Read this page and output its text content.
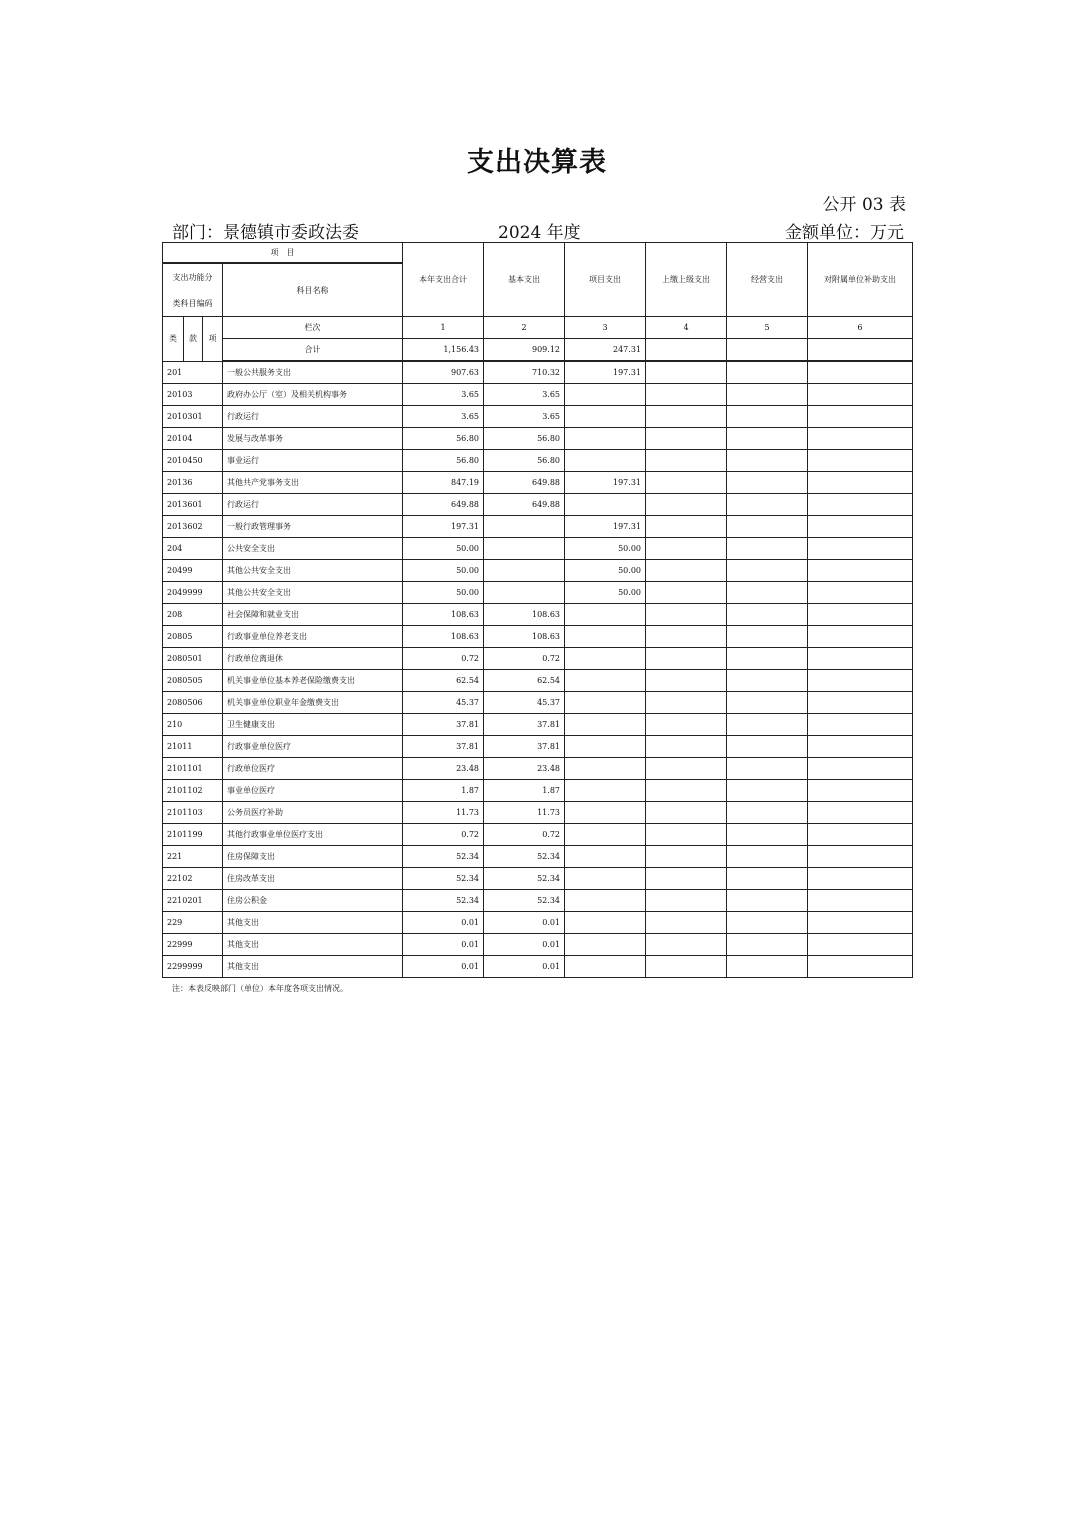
支出决算表
公开 03 表
部门：景德镇市委政法委	2024 年度	金额单位：万元
项　目				本年支出合计	基本支出	项目支出	上缴上级支出	经营支出	对附属单位补助支出
支出功能分			科目名称						
类科目编码									
类	款	项	栏次	1	2	3	4	5	6
			合计	1,156.43	909.12	247.31			
201			一般公共服务支出	907.63	710.32	197.31			
20103			政府办公厅（室）及相关机构事务	3.65	3.65				
2010301			行政运行	3.65	3.65				
20104			发展与改革事务	56.80	56.80				
2010450			事业运行	56.80	56.80				
20136			其他共产党事务支出	847.19	649.88	197.31			
2013601			行政运行	649.88	649.88				
2013602			一般行政管理事务	197.31		197.31			
204			公共安全支出	50.00		50.00			
20499			其他公共安全支出	50.00		50.00			
2049999			其他公共安全支出	50.00		50.00			
208			社会保障和就业支出	108.63	108.63				
20805			行政事业单位养老支出	108.63	108.63				
2080501			行政单位离退休	0.72	0.72				
2080505			机关事业单位基本养老保险缴费支出	62.54	62.54				
2080506			机关事业单位职业年金缴费支出	45.37	45.37				
210			卫生健康支出	37.81	37.81				
21011			行政事业单位医疗	37.81	37.81				
2101101			行政单位医疗	23.48	23.48				
2101102			事业单位医疗	1.87	1.87				
2101103			公务员医疗补助	11.73	11.73				
2101199			其他行政事业单位医疗支出	0.72	0.72				
221			住房保障支出	52.34	52.34				
22102			住房改革支出	52.34	52.34				
2210201			住房公积金	52.34	52.34				
229			其他支出	0.01	0.01				
22999			其他支出	0.01	0.01				
2299999			其他支出	0.01	0.01				
注：本表反映部门（单位）本年度各项支出情况。
